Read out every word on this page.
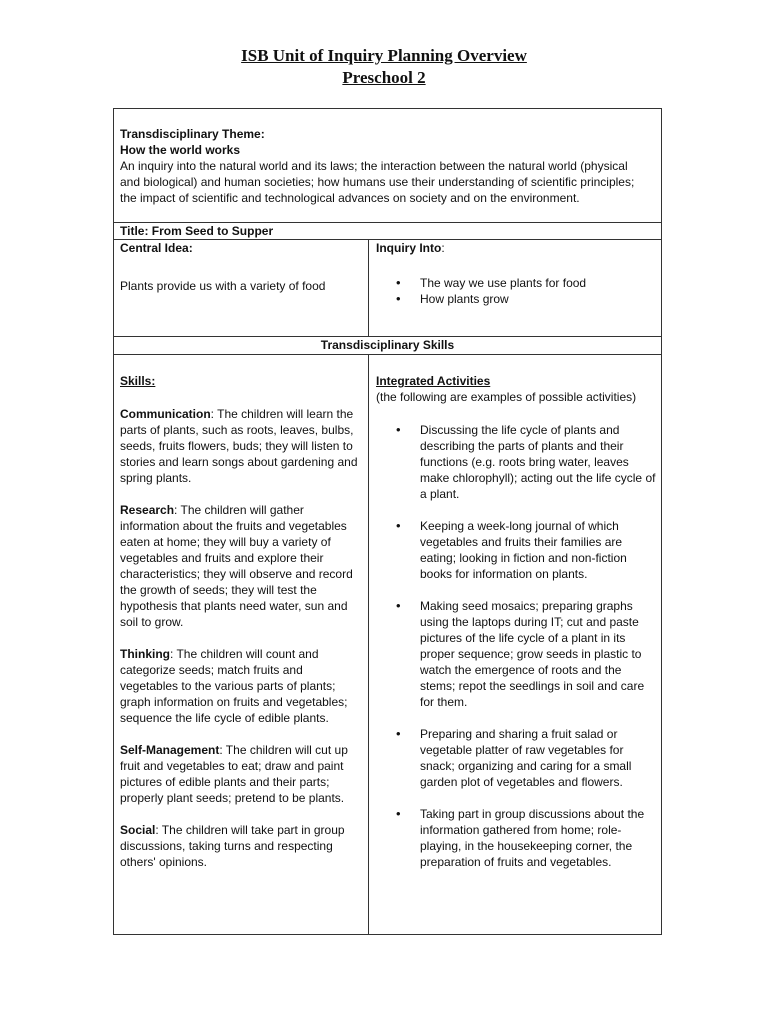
ISB Unit of Inquiry Planning Overview
Preschool 2
Transdisciplinary Theme:
How the world works
An inquiry into the natural world and its laws; the interaction between the natural world (physical and biological) and human societies; how humans use their understanding of scientific principles; the impact of scientific and technological advances on society and on the environment.
Title: From Seed to Supper
Central Idea:
Plants provide us with a variety of food
Inquiry Into:
• The way we use plants for food
• How plants grow
Transdisciplinary Skills
Skills:

Communication: The children will learn the parts of plants, such as roots, leaves, bulbs, seeds, fruits flowers, buds; they will listen to stories and learn songs about gardening and spring plants.

Research: The children will gather information about the fruits and vegetables eaten at home; they will buy a variety of vegetables and fruits and explore their characteristics; they will observe and record the growth of seeds; they will test the hypothesis that plants need water, sun and soil to grow.

Thinking: The children will count and categorize seeds; match fruits and vegetables to the various parts of plants; graph information on fruits and vegetables; sequence the life cycle of edible plants.

Self-Management: The children will cut up fruit and vegetables to eat; draw and paint pictures of edible plants and their parts; properly plant seeds; pretend to be plants.

Social: The children will take part in group discussions, taking turns and respecting others' opinions.

Integrated Activities
(the following are examples of possible activities)
• Discussing the life cycle of plants and describing the parts of plants and their functions (e.g. roots bring water, leaves make chlorophyll); acting out the life cycle of a plant.
• Keeping a week-long journal of which vegetables and fruits their families are eating; looking in fiction and non-fiction books for information on plants.
• Making seed mosaics; preparing graphs using the laptops during IT; cut and paste pictures of the life cycle of a plant in its proper sequence; grow seeds in plastic to watch the emergence of roots and the stems; repot the seedlings in soil and care for them.
• Preparing and sharing a fruit salad or vegetable platter of raw vegetables for snack; organizing and caring for a small garden plot of vegetables and flowers.
• Taking part in group discussions about the information gathered from home; role-playing, in the housekeeping corner, the preparation of fruits and vegetables.
